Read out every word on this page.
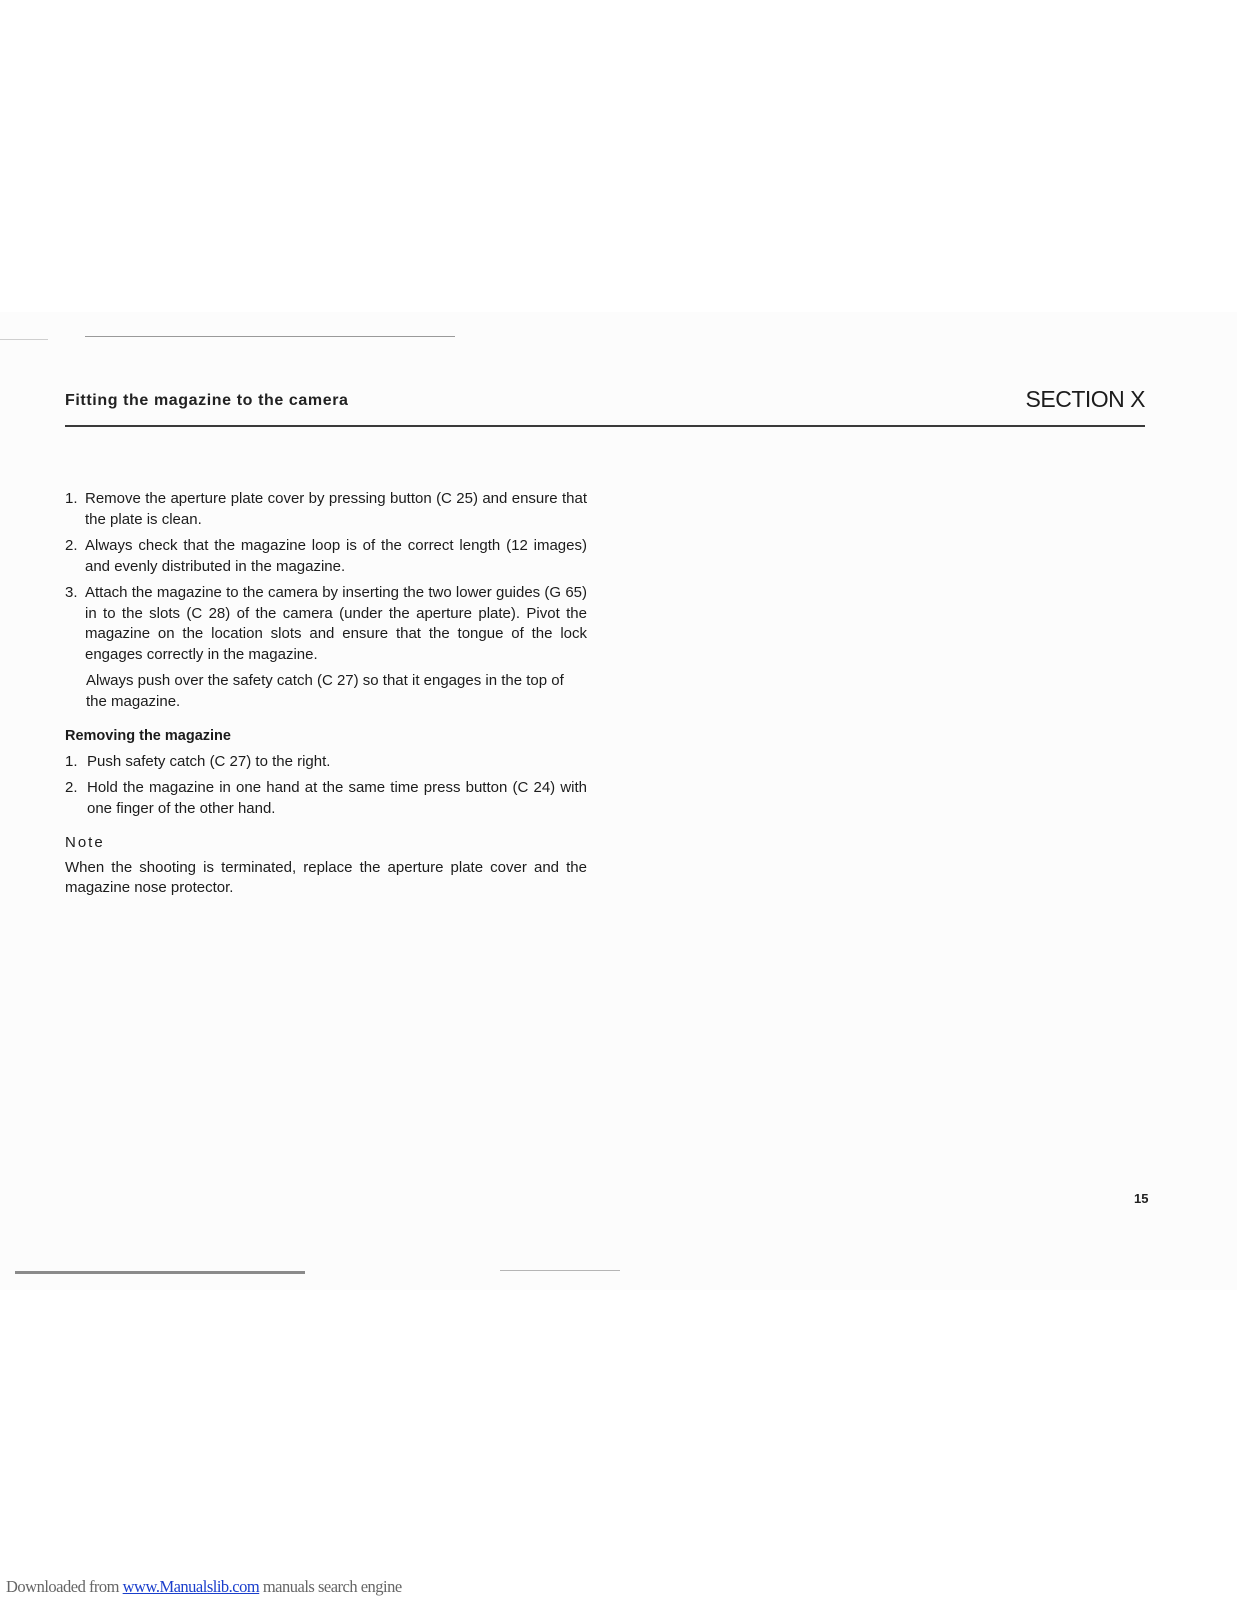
Fitting the magazine to the camera	SECTION X
1. Remove the aperture plate cover by pressing button (C 25) and ensure that the plate is clean.
2. Always check that the magazine loop is of the correct length (12 images) and evenly distributed in the magazine.
3. Attach the magazine to the camera by inserting the two lower guides (G 65) in to the slots (C 28) of the camera (under the aperture plate). Pivot the magazine on the location slots and ensure that the tongue of the lock engages correctly in the magazine.

Always push over the safety catch (C 27) so that it engages in the top of the magazine.

Removing the magazine

1. Push safety catch (C 27) to the right.
2. Hold the magazine in one hand at the same time press button (C 24) with one finger of the other hand.

Note

When the shooting is terminated, replace the aperture plate cover and the magazine nose protector.

15
Downloaded from www.Manualslib.com manuals search engine
